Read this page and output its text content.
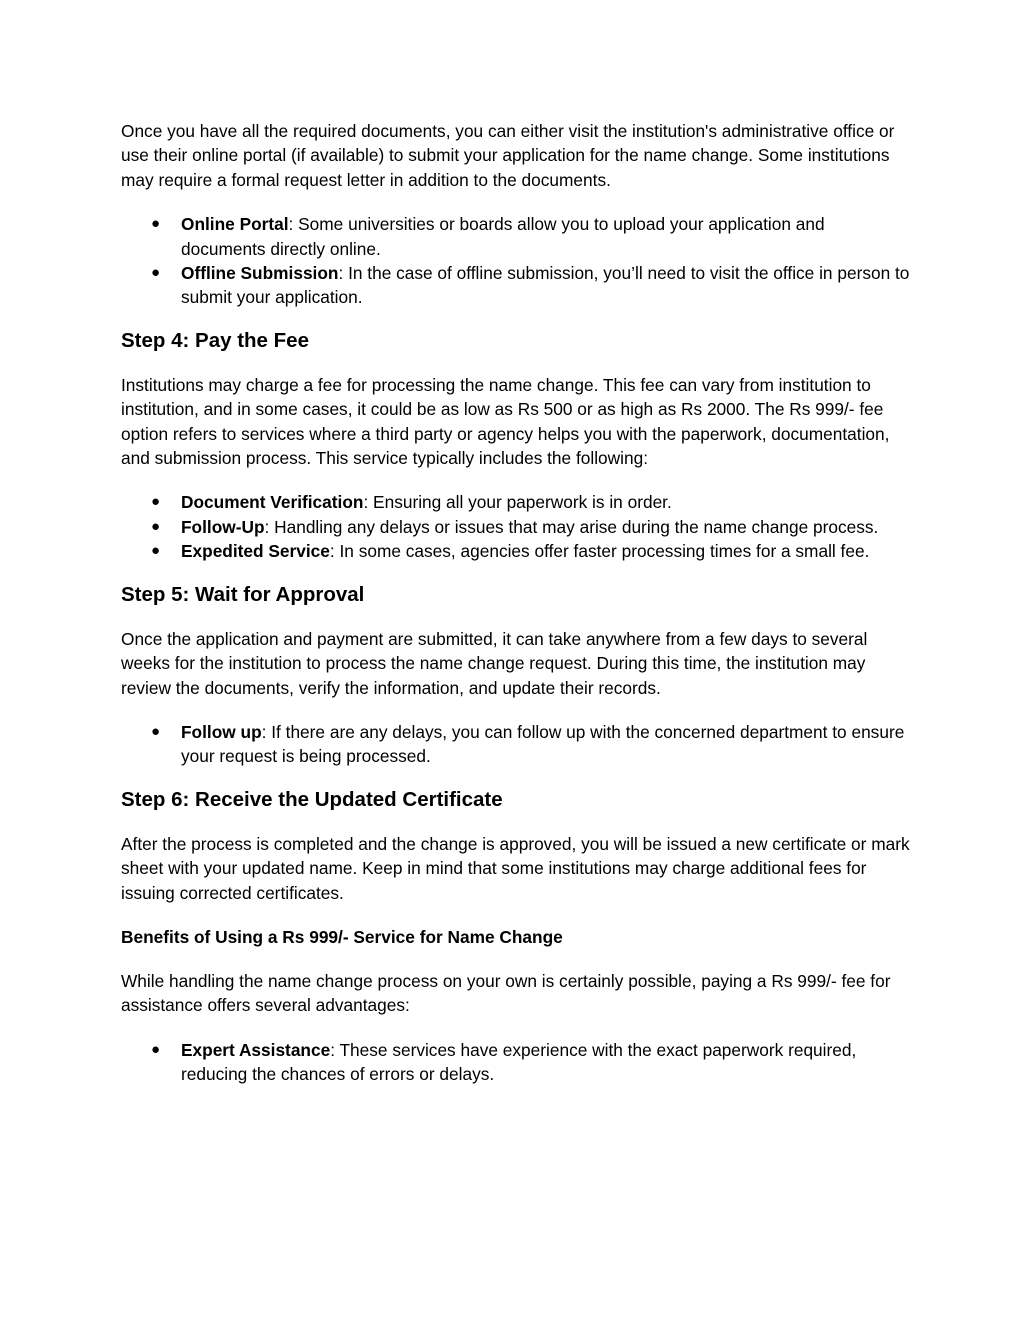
Once you have all the required documents, you can either visit the institution's administrative office or use their online portal (if available) to submit your application for the name change. Some institutions may require a formal request letter in addition to the documents.

● Online Portal: Some universities or boards allow you to upload your application and documents directly online.
● Offline Submission: In the case of offline submission, you’ll need to visit the office in person to submit your application.
Step 4: Pay the Fee

Institutions may charge a fee for processing the name change. This fee can vary from institution to institution, and in some cases, it could be as low as Rs 500 or as high as Rs 2000. The Rs 999/- fee option refers to services where a third party or agency helps you with the paperwork, documentation, and submission process. This service typically includes the following:

● Document Verification: Ensuring all your paperwork is in order.
● Follow-Up: Handling any delays or issues that may arise during the name change process.
● Expedited Service: In some cases, agencies offer faster processing times for a small fee.
Step 5: Wait for Approval

Once the application and payment are submitted, it can take anywhere from a few days to several weeks for the institution to process the name change request. During this time, the institution may review the documents, verify the information, and update their records.

● Follow up: If there are any delays, you can follow up with the concerned department to ensure your request is being processed.
Step 6: Receive the Updated Certificate

After the process is completed and the change is approved, you will be issued a new certificate or mark sheet with your updated name. Keep in mind that some institutions may charge additional fees for issuing corrected certificates.

Benefits of Using a Rs 999/- Service for Name Change

While handling the name change process on your own is certainly possible, paying a Rs 999/- fee for assistance offers several advantages:

● Expert Assistance: These services have experience with the exact paperwork required, reducing the chances of errors or delays.
